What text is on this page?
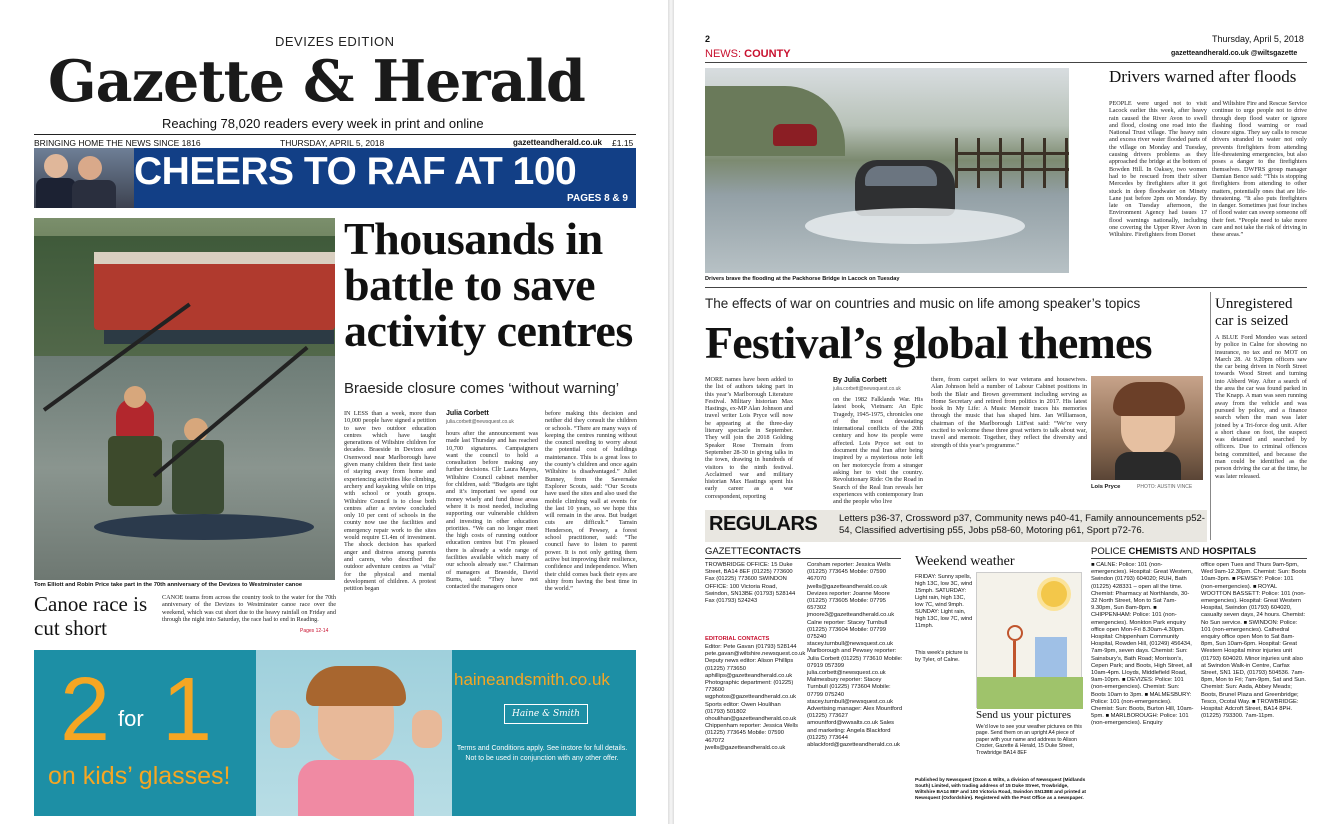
DEVIZES EDITION
Gazette & Herald
Reaching 78,020 readers every week in print and online
BRINGING HOME THE NEWS SINCE 1816	THURSDAY, APRIL 5, 2018	gazetteandherald.co.uk £1.15
CHEERS TO RAF AT 100
PAGES 8 & 9
Tom Elliott and Robin Price take part in the 70th anniversary of the Devizes to Westminster canoe
Thousands in battle to save activity centres
Braeside closure comes ‘without warning’
IN LESS than a week, more than 10,000 people have signed a petition to save two outdoor education centres which have taught generations of Wiltshire children for decades. Braeside in Devizes and Oxenwood near Marlborough have given many children their first taste of staying away from home and experiencing activities like climbing, archery and kayaking while on trips with school or youth groups. Wiltshire Council is to close both centres after a review concluded only 10 per cent of schools in the county now use the facilities and emergency repair work to the sites would require £1.4m of investment. The shock decision has sparked anger and distress among parents and carers, who described the outdoor adventure centres as ‘vital’ for the physical and mental development of children. A protest petition began
Julia Corbett
julia.corbett@newsquest.co.uk
hours after the announcement was made last Thursday and has reached 10,700 signatures. Campaigners want the council to hold a consultation before making any further decisions. Cllr Laura Mayes, Wiltshire Council cabinet member for children, said: “Budgets are tight and it’s important we spend our money wisely and fund those areas where it is most needed, including supporting our vulnerable children and investing in other education priorities. “We can no longer meet the high costs of running outdoor education centres but I’m pleased there is already a wide range of facilities available which many of our schools already use.” Chairman of managers at Braeside, David Burns, said: “They have not contacted the managers once
before making this decision and neither did they consult the children or schools. “There are many ways of keeping the centres running without the council needing to worry about the potential cost of buildings maintenance. This is a great loss to the county’s children and once again Wiltshire is disadvantaged.” Juliet Bunney, from the Savernake Explorer Scouts, said: “Our Scouts have used the sites and also used the mobile climbing wall at events for the last 10 years, so we hope this will remain in the area. But budget cuts are difficult.” Tamsin Henderson, of Pewsey, a forest school practitioner, said: “The council have to listen to parent power. It is not only getting them active but improving their resilience, confidence and independence. When their child comes back their eyes are shiny from having the best time in the world.”
Canoe race is cut short
CANOE teams from across the country took to the water for the 70th anniversary of the Devizes to Westminster canoe race over the weekend, which was cut short due to the heavy rainfall on Friday and through the night into Saturday, the race had to end in Reading.
Pages 12-14
2 for 1
on kids’ glasses!
haineandsmith.co.uk
Haine & Smith
Terms and Conditions apply. See instore for full details. Not to be used in conjunction with any other offer.
2	Thursday, April 5, 2018
NEWS: COUNTY	gazetteandherald.co.uk @wiltsgazette
Drivers brave the flooding at the Packhorse Bridge in Lacock on Tuesday
Drivers warned after floods
PEOPLE were urged not to visit Lacock earlier this week, after heavy rain caused the River Avon to swell and flood, closing one road into the National Trust village. The heavy rain and excess river water flooded parts of the village on Monday and Tuesday, causing drivers problems as they approached the bridge at the bottom of Bowden Hill. In Oaksey, two women had to be rescued from their silver Mercedes by firefighters after it got stuck in deep floodwater on Minety Lane just before 2pm on Monday. By late on Tuesday afternoon, the Environment Agency had issues 17 flood warnings nationally, including one covering the Upper River Avon in Wiltshire. Firefighters from Dorset
and Wiltshire Fire and Rescue Service continue to urge people not to drive through deep flood water or ignore flashing flood warning or road closure signs. They say calls to rescue drivers stranded in water not only prevents firefighters from attending life-threatening emergencies, but also poses a danger to the firefighters themselves. DWFRS group manager Damian Bence said: “This is stopping firefighters from attending to other matters, potentially ones that are life-threatening. “It also puts firefighters in danger. Sometimes just four inches of flood water can sweep someone off their feet. “People need to take more care and not take the risk of driving in these areas.”
The effects of war on countries and music on life among speaker’s topics
Festival’s global themes
MORE names have been added to the list of authors taking part in this year’s Marlborough Literature Festival. Military historian Max Hastings, ex-MP Alan Johnson and travel writer Lois Pryce will now be appearing at the three-day literary spectacle in September. They will join the 2018 Golding Speaker Rose Tremain from September 28-30 in giving talks in the town, drawing in hundreds of visitors to the ninth festival. Acclaimed war and military historian Max Hastings spent his early career as a war correspondent, reporting
By Julia Corbett
julia.corbett@newsquest.co.uk
on the 1982 Falklands War. His latest book, Vietnam: An Epic Tragedy, 1945-1975, chronicles one of the most devastating international conflicts of the 20th century and how its people were affected. Lois Pryce set out to document the real Iran after being inspired by a mysterious note left on her motorcycle from a stranger asking her to visit the country. Revolutionary Ride: On the Road in Search of the Real Iran reveals her experiences with contemporary Iran and the people who live
there, from carpet sellers to war veterans and housewives. Alan Johnson held a number of Labour Cabinet positions in both the Blair and Brown government including serving as Home Secretary and retired from politics in 2017. His latest book In My Life: A Music Memoir traces his memories through the music that has shaped him. Jan Williamson, chairman of the Marlborough LitFest said: “We’re very excited to welcome these three great writers to talk about war, travel and memoir. Together, they reflect the diversity and strength of this year’s programme.”
Lois Pryce	PHOTO: AUSTIN VINCE
Unregistered car is seized
A BLUE Ford Mondeo was seized by police in Calne for showing no insurance, no tax and no MOT on March 28. At 9.20pm officers saw the car being driven in North Street towards Wood Street and turning into Abberd Way. After a search of the area the car was found parked in The Knapp. A man was seen running away from the vehicle and was pursued by police, and a finance search when the man was later joined by a Tri-force dog unit. After a short chase on foot, the suspect was detained and searched by officers. Due to criminal offences being committed, and because the man could be identified as the person driving the car at the time, he was later released.
REGULARS Letters p36-37, Crossword p37, Community news p40-41, Family announcements p52-54, Classified advertising p55, Jobs p58-60, Motoring p61, Sport p72-76.
GAZETTECONTACTS
TROWBRIDGE OFFICE: 15 Duke Street, BA14 8EF (01225) 773600 Fax (01225) 773600 SWINDON OFFICE: 100 Victoria Road, Swindon, SN13BE (01793) 528144 Fax (01793) 524243
EDITORIAL CONTACTS
Editor: Pete Gavan (01793) 528144 pete.gavan@wiltshire.newsquest.co.uk Deputy news editor: Alison Phillips (01225) 773650 aphillips@gazetteandherald.co.uk Photographic department: (01225) 773600 wgphotos@gazetteandherald.co.uk Sports editor: Owen Houlihan (01793) 501802 ohoulihan@gazetteandherald.co.uk Chippenham reporter: Jessica Wells (01225) 773645 Mobile: 07590 467072 jwells@gazetteandherald.co.uk
Corsham reporter: Jessica Wells (01225) 773645 Mobile: 07590 467070 jwells@gazetteandherald.co.uk Devizes reporter: Joanne Moore (01225) 773605 Mobile: 07795 657302 jmoore3@gazetteandherald.co.uk Calne reporter: Stacey Turnbull (01225) 773604 Mobile: 07799 075240 stacey.turnbull@newsquest.co.uk Marlborough and Pewsey reporter: Julia Corbett (01225) 773610 Mobile: 07919 057399 julia.corbett@newsquest.co.uk Malmesbury reporter: Stacey Turnbull (01225) 773604 Mobile: 07799 075240 stacey.turnbull@newsquest.co.uk Advertising manager: Alex Mountford (01225) 773627 amountford@wwsalts.co.uk Sales and marketing: Angela Blackford (01225) 773644 ablackford@gazetteandherald.co.uk
Weekend weather
FRIDAY: Sunny spells, high 13C, low 3C, wind 15mph. SATURDAY: Light rain, high 13C, low 7C, wind 9mph. SUNDAY: Light rain, high 13C, low 7C, wind 11mph.
This week’s picture is by Tyler, of Calne.
Send us your pictures
We’d love to see your weather pictures on this page. Send them on an upright A4 piece of paper with your name and address to Alison Crozier, Gazette & Herald, 15 Duke Street, Trowbridge BA14 8EF
Published by Newsquest (Oxon & Wilts, a division of Newsquest (Midlands South) Limited, with trading address of 15 Duke Street, Trowbridge, Wiltshire BA14 8EF and 100 Victoria Road, Swindon SN13BE and printed at Newsquest (Oxfordshire). Registered with the Post Office as a newspaper.
POLICE CHEMISTS AND HOSPITALS
■ CALNE: Police: 101 (non-emergencies). Hospital: Great Western, Swindon (01793) 604020; RUH, Bath (01225) 428331 – open all the time. Chemist: Pharmacy at Northlands, 30-32 North Street, Mon to Sat 7am-9.30pm, Sun 8am-8pm. ■ CHIPPENHAM: Police: 101 (non-emergencies). Monkton Park enquiry office open Mon-Fri 8.30am-4.30pm. Hospital: Chippenham Community Hospital, Rowden Hill, (01249) 456434, 7am-9pm, seven days. Chemist: Sun: Sainsbury’s, Bath Road; Morrison’s, Cepen Park; and Boots, High Street, all 10am-4pm. Lloyds, Middlefield Road, 9am-10pm. ■ DEVIZES: Police: 101 (non-emergencies). Chemist: Sun: Boots 10am to 3pm. ■ MALMESBURY: Police: 101 (non-emergencies). Chemist: Sun: Boots, Burton Hill, 10am-5pm. ■ MARLBOROUGH: Police: 101 (non-emergencies). Enquiry
office open Tues and Thurs 9am-5pm, Wed 9am-12.30pm. Chemist: Sun: Boots 10am-3pm. ■ PEWSEY: Police: 101 (non-emergencies). ■ ROYAL WOOTTON BASSETT: Police: 101 (non-emergencies). Hospital: Great Western Hospital, Swindon (01793) 604020, casualty seven days, 24 hours. Chemist: No Sun service. ■ SWINDON: Police: 101 (non-emergencies). Cathedral enquiry office open Mon to Sat 8am-8pm, Sun 10am-6pm. Hospital: Great Western Hospital minor injuries unit (01793) 604020. Minor injuries unit also at Swindon Walk-in Centre, Carfax Street, SN1 1ED, (01793) 504536. 7am-8pm, Mon to Fri; 7am-9pm, Sat and Sun. Chemist: Sun: Asda, Abbey Meads; Boots, Brunel Plaza and Greenbridge; Tesco, Ocotal Way. ■ TROWBRIDGE: Hospital: Adcroft Street, BA14 8PH. (01225) 793300. 7am-11pm.
